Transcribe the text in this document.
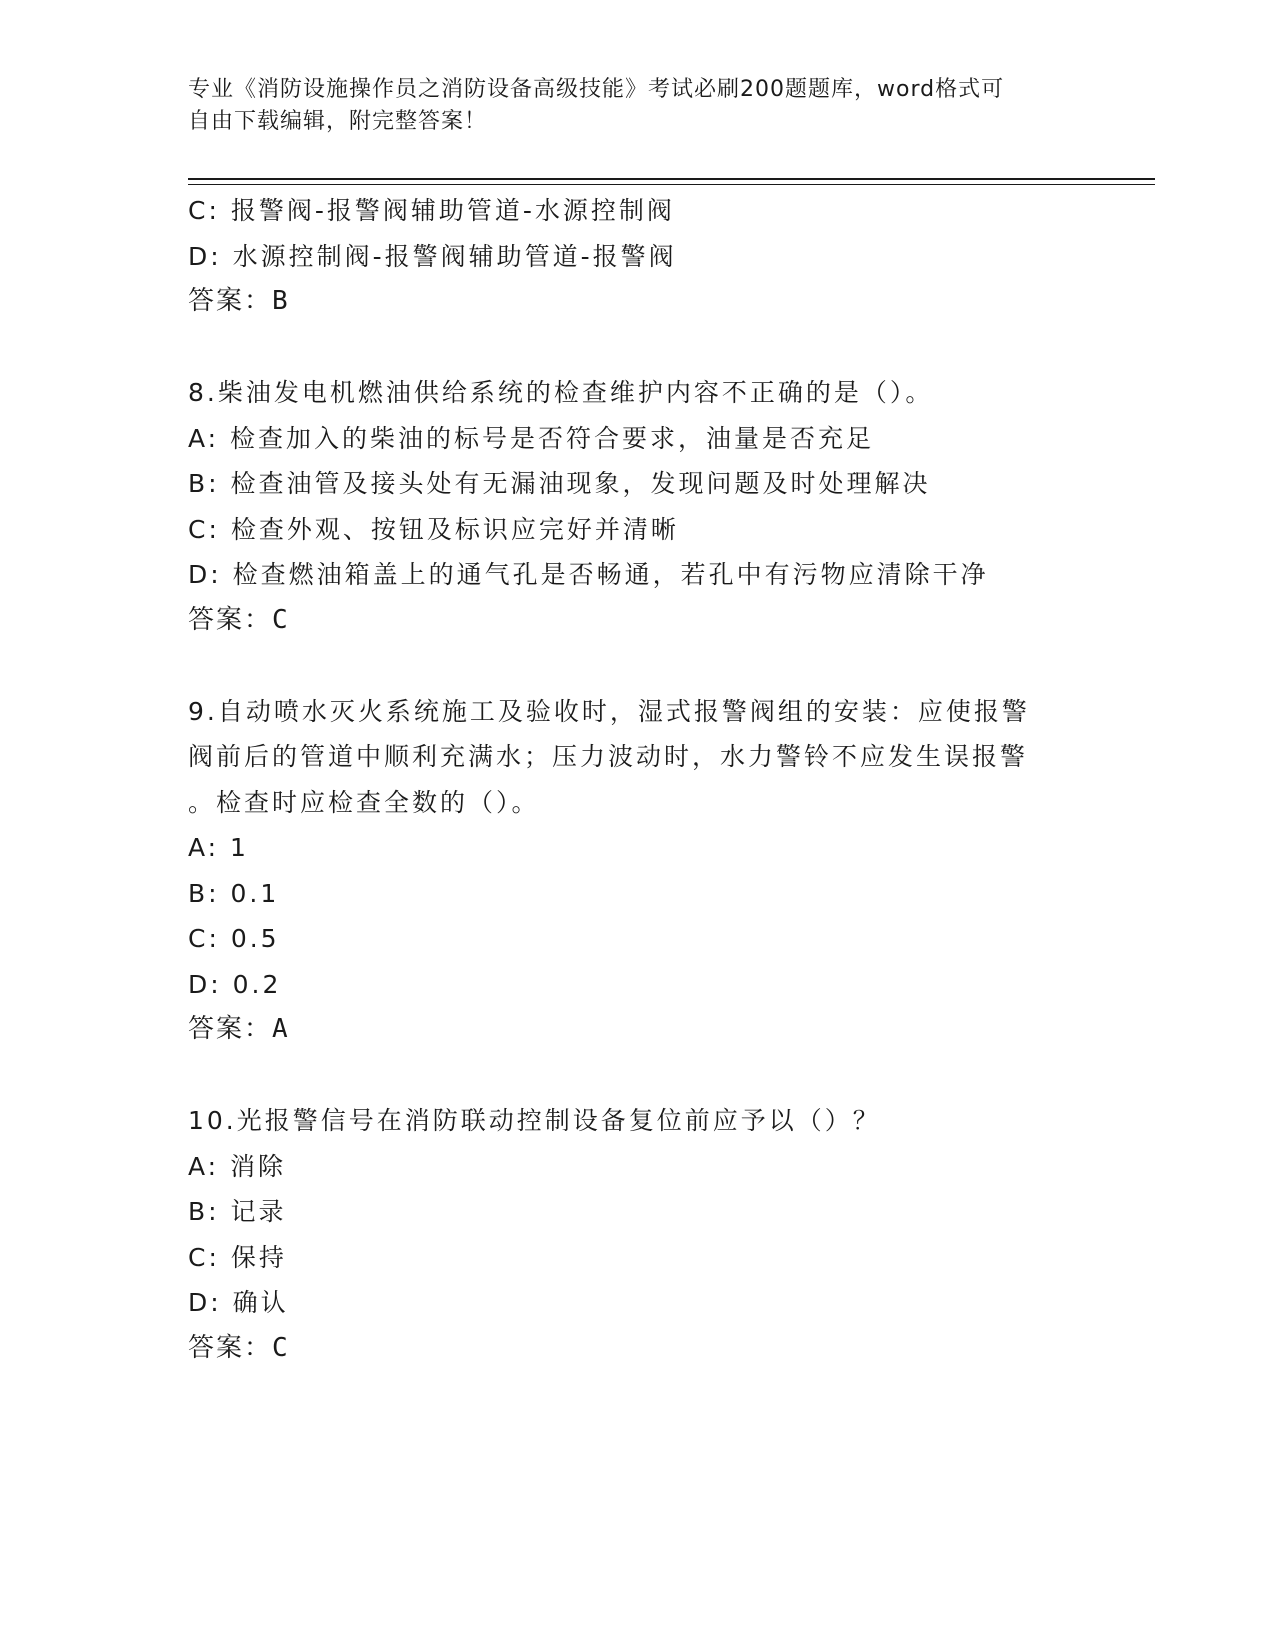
专业《消防设施操作员之消防设备高级技能》考试必刷200题题库，word格式可
自由下载编辑，附完整答案！
C: 报警阀-报警阀辅助管道-水源控制阀
D: 水源控制阀-报警阀辅助管道-报警阀
答案：B
8.柴油发电机燃油供给系统的检查维护内容不正确的是（）。
A: 检查加入的柴油的标号是否符合要求，油量是否充足
B: 检查油管及接头处有无漏油现象，发现问题及时处理解决
C: 检查外观、按钮及标识应完好并清晰
D: 检查燃油箱盖上的通气孔是否畅通，若孔中有污物应清除干净
答案：C
9.自动喷水灭火系统施工及验收时，湿式报警阀组的安装：应使报警
阀前后的管道中顺利充满水；压力波动时，水力警铃不应发生误报警
。检查时应检查全数的（）。
A: 1
B: 0.1
C: 0.5
D: 0.2
答案：A
10.光报警信号在消防联动控制设备复位前应予以（）？
A: 消除
B: 记录
C: 保持
D: 确认
答案：C
